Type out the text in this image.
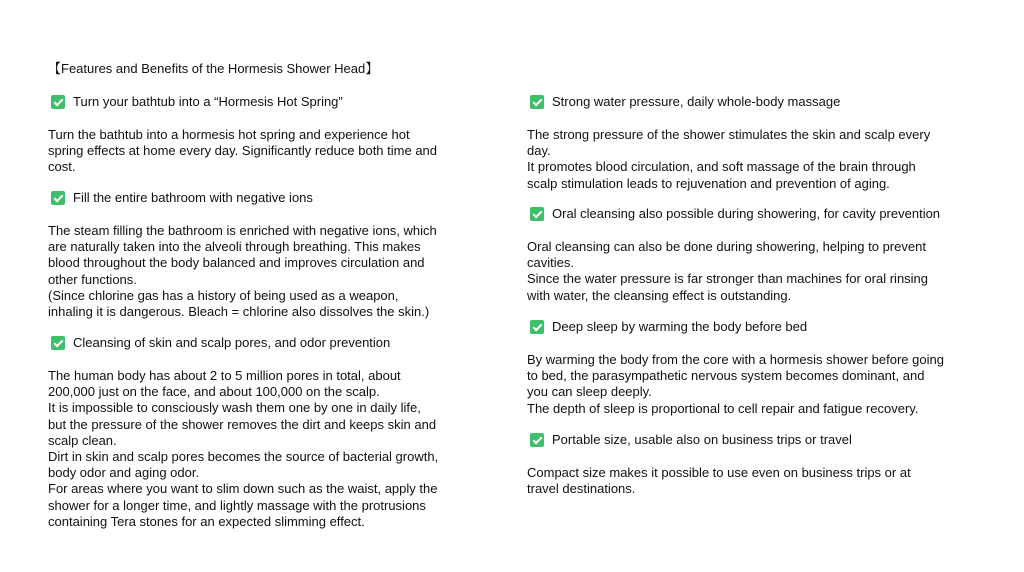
【Features and Benefits of the Hormesis Shower Head】
Turn your bathtub into a “Hormesis Hot Spring”
Turn the bathtub into a hormesis hot spring and experience hot
spring effects at home every day. Significantly reduce both time and
cost.
Fill the entire bathroom with negative ions
The steam filling the bathroom is enriched with negative ions, which
are naturally taken into the alveoli through breathing. This makes
blood throughout the body balanced and improves circulation and
other functions.
(Since chlorine gas has a history of being used as a weapon,
inhaling it is dangerous. Bleach = chlorine also dissolves the skin.)
Cleansing of skin and scalp pores, and odor prevention
The human body has about 2 to 5 million pores in total, about
200,000 just on the face, and about 100,000 on the scalp.
It is impossible to consciously wash them one by one in daily life,
but the pressure of the shower removes the dirt and keeps skin and
scalp clean.
Dirt in skin and scalp pores becomes the source of bacterial growth,
body odor and aging odor.
For areas where you want to slim down such as the waist, apply the
shower for a longer time, and lightly massage with the protrusions
containing Tera stones for an expected slimming effect.
Strong water pressure, daily whole-body massage
The strong pressure of the shower stimulates the skin and scalp every
day.
It promotes blood circulation, and soft massage of the brain through
scalp stimulation leads to rejuvenation and prevention of aging.
Oral cleansing also possible during showering, for cavity prevention
Oral cleansing can also be done during showering, helping to prevent
cavities.
Since the water pressure is far stronger than machines for oral rinsing
with water, the cleansing effect is outstanding.
Deep sleep by warming the body before bed
By warming the body from the core with a hormesis shower before going
to bed, the parasympathetic nervous system becomes dominant, and
you can sleep deeply.
The depth of sleep is proportional to cell repair and fatigue recovery.
Portable size, usable also on business trips or travel
Compact size makes it possible to use even on business trips or at
travel destinations.
